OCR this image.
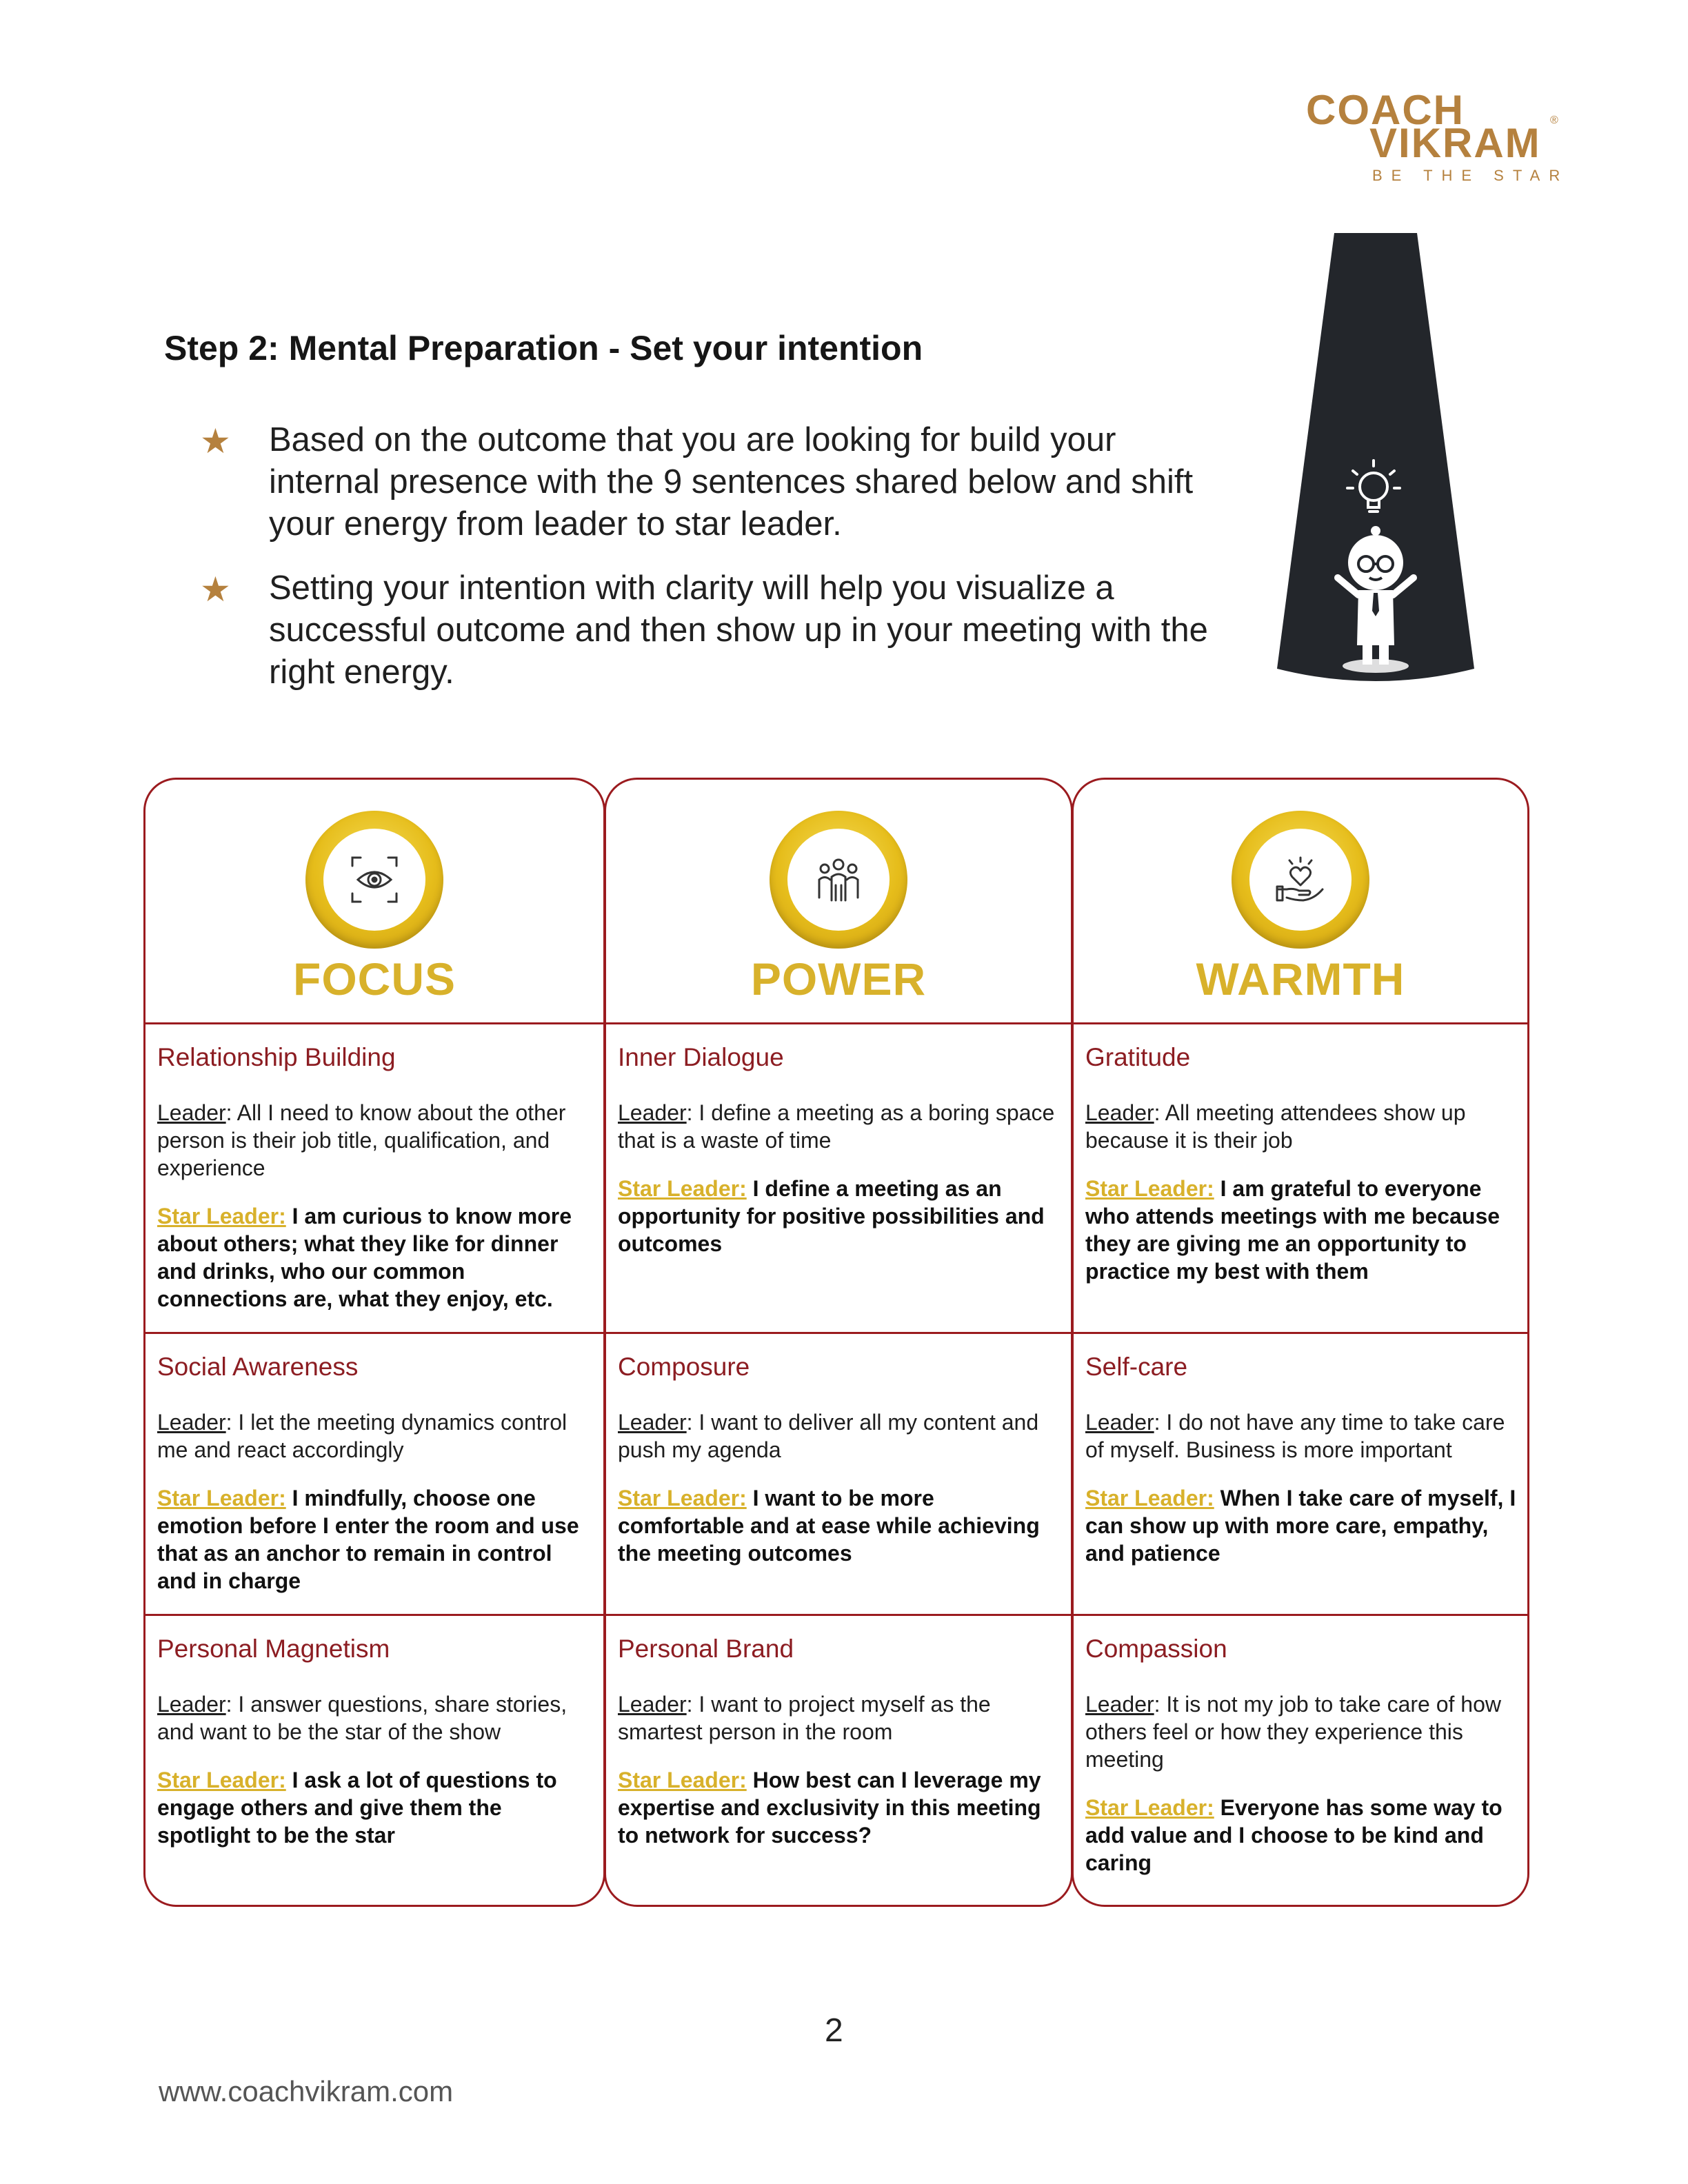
COACH
VIKRAM ®
BE THE STAR
Step 2: Mental Preparation - Set your intention
★ Based on the outcome that you are looking for build your internal presence with the 9 sentences shared below and shift your energy from leader to star leader.
★ Setting your intention with clarity will help you visualize a successful outcome and then show up in your meeting with the right energy.
FOCUS	POWER	WARMTH
Relationship Building
Leader: All I need to know about the other person is their job title, qualification, and experience
Star Leader: I am curious to know more about others; what they like for dinner and drinks, who our common connections are, what they enjoy, etc.
Inner Dialogue
Leader: I define a meeting as a boring space that is a waste of time
Star Leader: I define a meeting as an opportunity for positive possibilities and outcomes
Gratitude
Leader: All meeting attendees show up because it is their job
Star Leader: I am grateful to everyone who attends meetings with me because they are giving me an opportunity to practice my best with them
Social Awareness
Leader: I let the meeting dynamics control me and react accordingly
Star Leader: I mindfully, choose one emotion before I enter the room and use that as an anchor to remain in control and in charge
Composure
Leader: I want to deliver all my content and push my agenda
Star Leader: I want to be more comfortable and at ease while achieving the meeting outcomes
Self-care
Leader: I do not have any time to take care of myself. Business is more important
Star Leader: When I take care of myself, I can show up with more care, empathy, and patience
Personal Magnetism
Leader: I answer questions, share stories, and want to be the star of the show
Star Leader: I ask a lot of questions to engage others and give them the spotlight to be the star
Personal Brand
Leader: I want to project myself as the smartest person in the room
Star Leader: How best can I leverage my expertise and exclusivity in this meeting to network for success?
Compassion
Leader: It is not my job to take care of how others feel or how they experience this meeting
Star Leader: Everyone has some way to add value and I choose to be kind and caring
2
www.coachvikram.com
